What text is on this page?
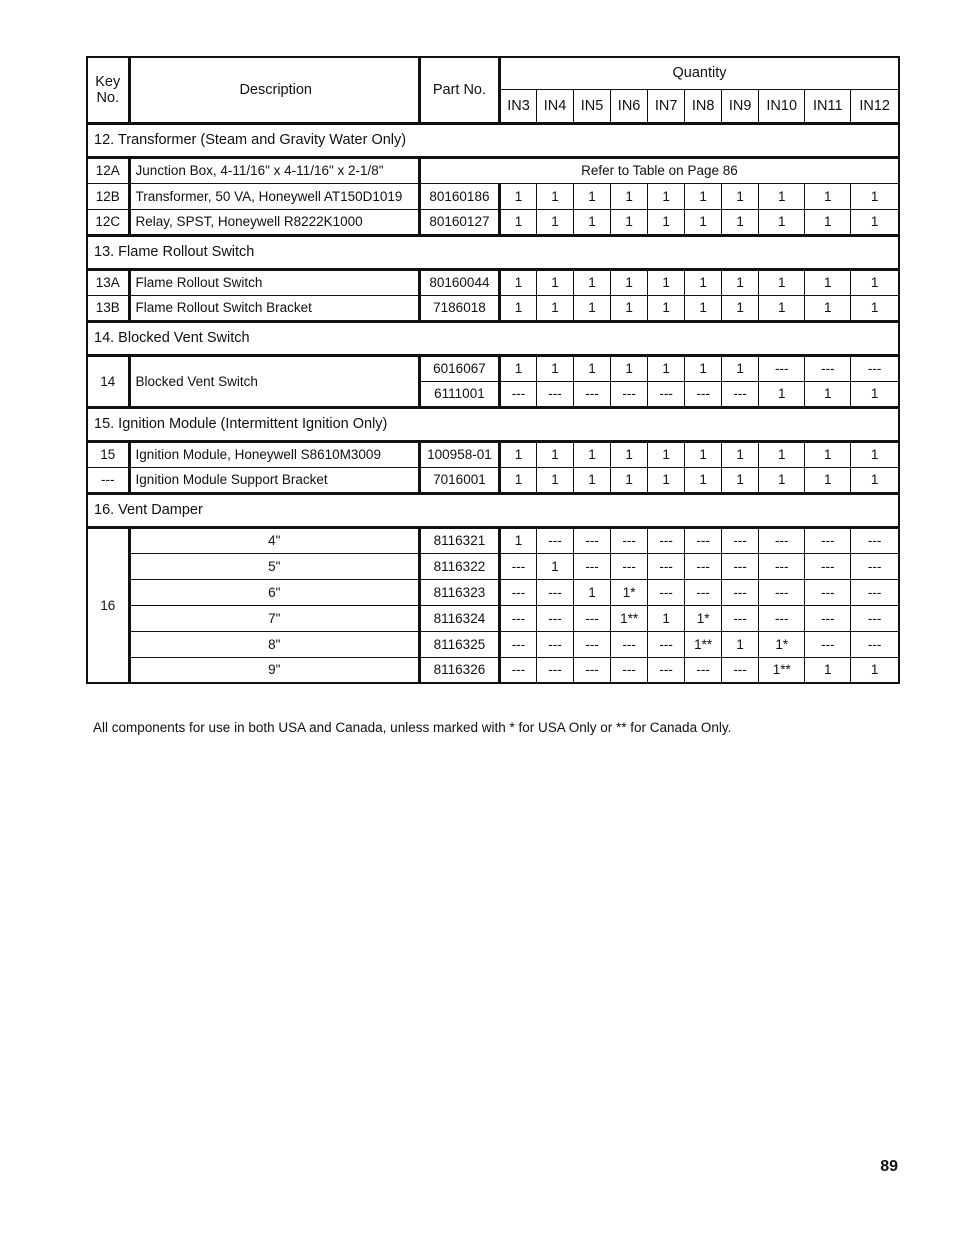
Key
No.	Description	Part No.	Quantity									
			IN3	IN4	IN5	IN6	IN7	IN8	IN9	IN10	IN11	IN12
12. Transformer (Steam and Gravity Water Only)												
12A	Junction Box, 4-11/16" x 4-11/16" x 2-1/8"	Refer to Table on Page 86										
12B	Transformer, 50 VA, Honeywell AT150D1019	80160186	1	1	1	1	1	1	1	1	1	1
12C	Relay, SPST, Honeywell R8222K1000	80160127	1	1	1	1	1	1	1	1	1	1
13. Flame Rollout Switch												
13A	Flame Rollout Switch	80160044	1	1	1	1	1	1	1	1	1	1
13B	Flame Rollout Switch Bracket	7186018	1	1	1	1	1	1	1	1	1	1
14. Blocked Vent Switch												
14	Blocked Vent Switch	6016067	1	1	1	1	1	1	1	---	---	---
		6111001	---	---	---	---	---	---	---	1	1	1
15. Ignition Module (Intermittent Ignition Only)												
15	Ignition Module, Honeywell S8610M3009	100958-01	1	1	1	1	1	1	1	1	1	1
---	Ignition Module Support Bracket	7016001	1	1	1	1	1	1	1	1	1	1
16. Vent Damper												
16	4"	8116321	1	---	---	---	---	---	---	---	---	---
	5"	8116322	---	1	---	---	---	---	---	---	---	---
	6"	8116323	---	---	1	1*	---	---	---	---	---	---
	7"	8116324	---	---	---	1**	1	1*	---	---	---	---
	8"	8116325	---	---	---	---	---	1**	1	1*	---	---
	9"	8116326	---	---	---	---	---	---	---	1**	1	1
All components for use in both USA and Canada, unless marked with * for USA Only or ** for Canada Only.
89
